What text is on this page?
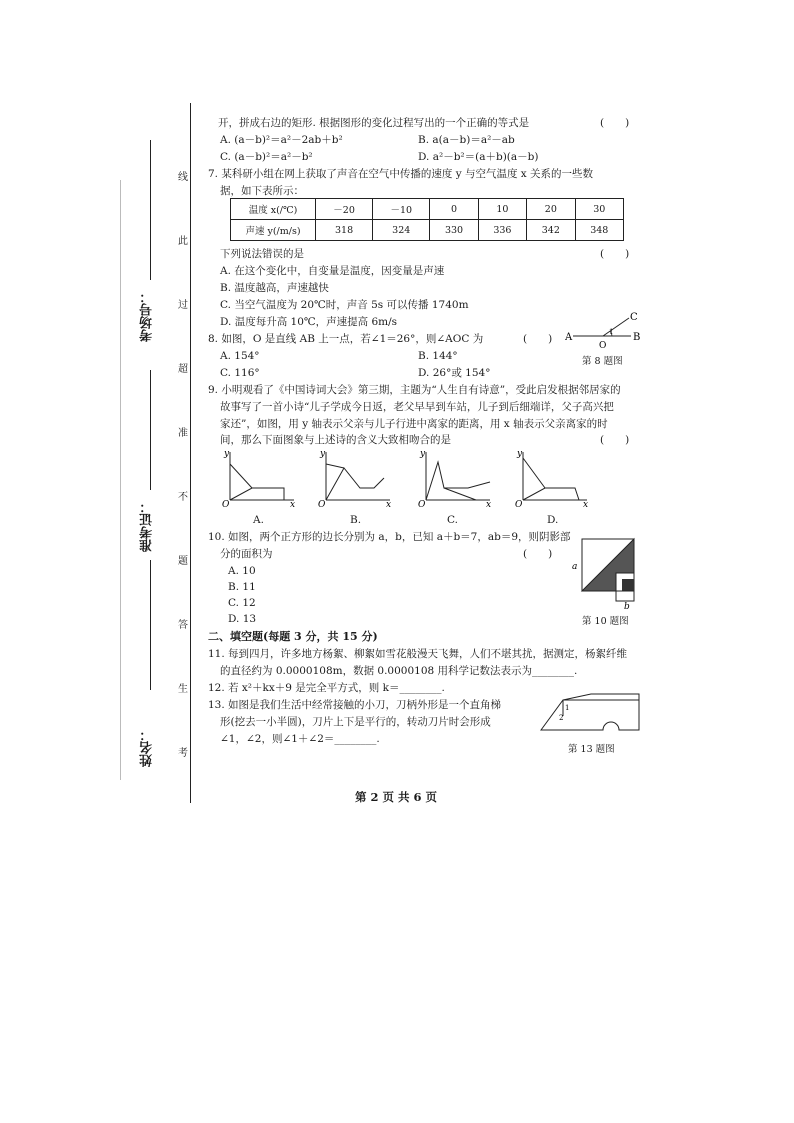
考场号：
准考证：
姓名：
线
此
过
超
准
不
题
答
生
考
开，拼成右边的矩形. 根据图形的变化过程写出的一个正确的等式是	(　　)
A. (a－b)²＝a²－2ab＋b²	B. a(a－b)＝a²－ab
C. (a－b)²＝a²－b²	D. a²－b²＝(a＋b)(a－b)
7. 某科研小组在网上获取了声音在空气中传播的速度 y 与空气温度 x 关系的一些数
据，如下表所示：
温度 x(/℃)	－20	－10	0	10	20	30
声速 y(/m/s)	318	324	330	336	342	348
下列说法错误的是	(　　)
A. 在这个变化中，自变量是温度，因变量是声速
B. 温度越高，声速越快
C. 当空气温度为 20℃时，声音 5s 可以传播 1740m
D. 温度每升高 10℃，声速提高 6m/s
8. 如图，O 是直线 AB 上一点，若∠1＝26°，则∠AOC 为	(　　)
A. 154°	B. 144°
C. 116°	D. 26°或 154°
A	B
C
O
1
第 8 题图
9. 小明观看了《中国诗词大会》第三期，主题为“人生自有诗意”，受此启发根据邻居家的
故事写了一首小诗“儿子学成今日返，老父早早到车站，儿子到后细端详，父子高兴把
家还”，如图，用 y 轴表示父亲与儿子行进中离家的距离，用 x 轴表示父亲离家的时
间，那么下面图象与上述诗的含义大致相吻合的是	(　　)
y
x
O
A.
y
x
O
B.
y
x
O
C.
y
x
O
D.
10. 如图，两个正方形的边长分别为 a，b，已知 a＋b＝7，ab＝9，则阴影部
分的面积为	(　　)
A. 10
B. 11
C. 12
D. 13
a
b
第 10 题图
二、填空题(每题 3 分，共 15 分)
11. 每到四月，许多地方杨絮、柳絮如雪花般漫天飞舞，人们不堪其扰，据测定，杨絮纤维
的直径约为 0.0000108m，数据 0.0000108 用科学记数法表示为________.
12. 若 x²＋kx＋9 是完全平方式，则 k＝________.
13. 如图是我们生活中经常接触的小刀，刀柄外形是一个直角梯
形(挖去一小半圆)，刀片上下是平行的，转动刀片时会形成
∠1，∠2，则∠1＋∠2＝________.
1
2
第 13 题图
第 2 页 共 6 页
